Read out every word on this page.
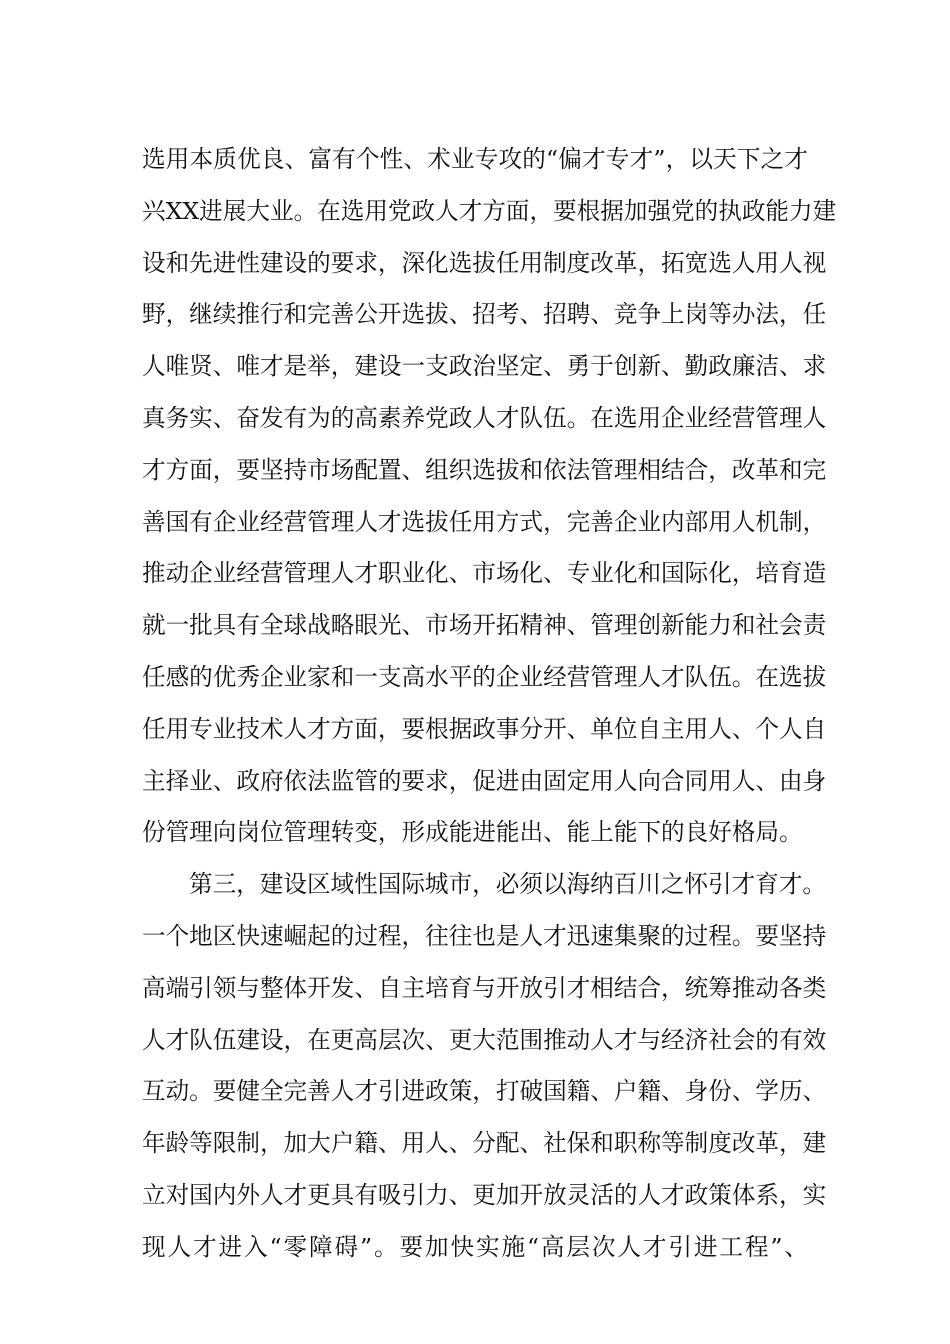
选用本质优良、富有个性、术业专攻的“偏才专才”，以天下之才
兴XX进展大业。在选用党政人才方面，要根据加强党的执政能力建
设和先进性建设的要求，深化选拔任用制度改革，拓宽选人用人视
野，继续推行和完善公开选拔、招考、招聘、竞争上岗等办法，任
人唯贤、唯才是举，建设一支政治坚定、勇于创新、勤政廉洁、求
真务实、奋发有为的高素养党政人才队伍。在选用企业经营管理人
才方面，要坚持市场配置、组织选拔和依法管理相结合，改革和完
善国有企业经营管理人才选拔任用方式，完善企业内部用人机制，
推动企业经营管理人才职业化、市场化、专业化和国际化，培育造
就一批具有全球战略眼光、市场开拓精神、管理创新能力和社会责
任感的优秀企业家和一支高水平的企业经营管理人才队伍。在选拔
任用专业技术人才方面，要根据政事分开、单位自主用人、个人自
主择业、政府依法监管的要求，促进由固定用人向合同用人、由身
份管理向岗位管理转变，形成能进能出、能上能下的良好格局。
第三，建设区域性国际城市，必须以海纳百川之怀引才育才。
一个地区快速崛起的过程，往往也是人才迅速集聚的过程。要坚持
高端引领与整体开发、自主培育与开放引才相结合，统筹推动各类
人才队伍建设，在更高层次、更大范围推动人才与经济社会的有效
互动。要健全完善人才引进政策，打破国籍、户籍、身份、学历、
年龄等限制，加大户籍、用人、分配、社保和职称等制度改革，建
立对国内外人才更具有吸引力、更加开放灵活的人才政策体系，实
现人才进入“零障碍”。要加快实施“高层次人才引进工程”、
